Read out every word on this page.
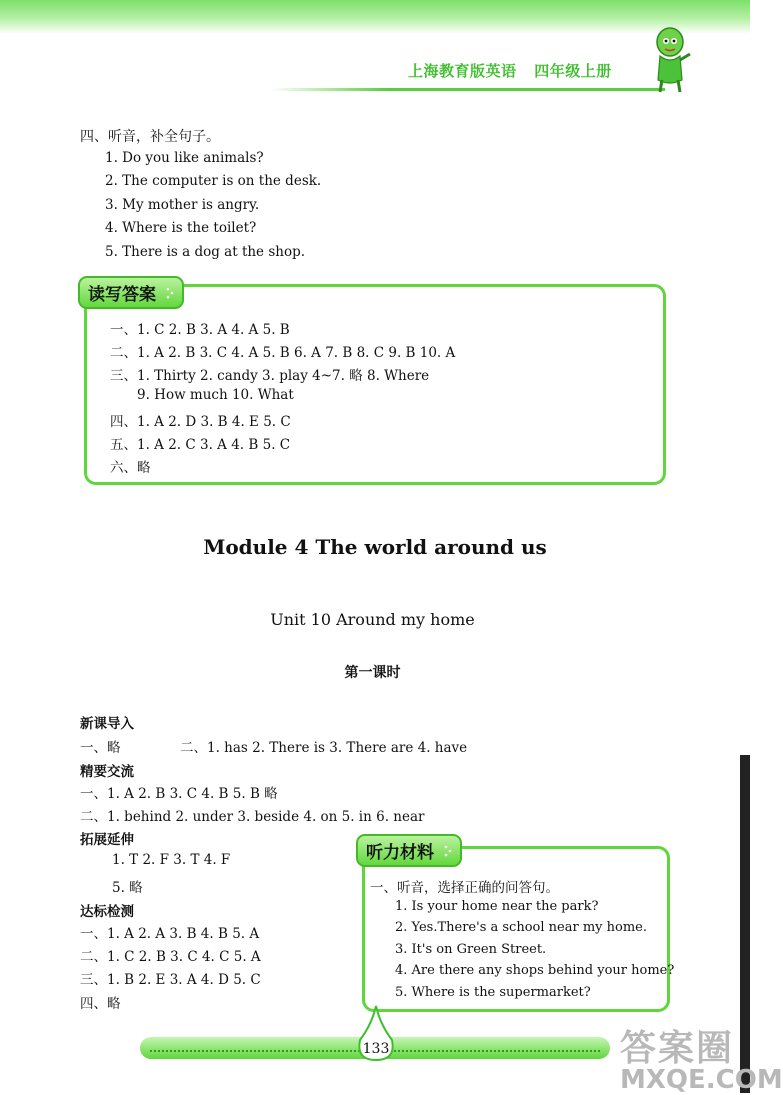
上海教育版英语 四年级上册
四、听音，补全句子。
1. Do you like animals?
2. The computer is on the desk.
3. My mother is angry.
4. Where is the toilet?
5. There is a dog at the shop.
读写答案
一、1. C 2. B 3. A 4. A 5. B
二、1. A 2. B 3. C 4. A 5. B 6. A 7. B 8. C 9. B 10. A
三、1. Thirty 2. candy 3. play 4~7. 略 8. Where
9. How much 10. What
四、1. A 2. D 3. B 4. E 5. C
五、1. A 2. C 3. A 4. B 5. C
六、略
Module 4 The world around us
Unit 10 Around my home
第一课时
新课导入
一、略	二、1. has 2. There is 3. There are 4. have
精要交流
一、1. A 2. B 3. C 4. B 5. B 略
二、1. behind 2. under 3. beside 4. on 5. in 6. near
拓展延伸
1. T 2. F 3. T 4. F
5. 略
达标检测
一、1. A 2. A 3. B 4. B 5. A
二、1. C 2. B 3. C 4. C 5. A
三、1. B 2. E 3. A 4. D 5. C
四、略
听力材料
一、听音，选择正确的问答句。
1. Is your home near the park?
2. Yes.There's a school near my home.
3. It's on Green Street.
4. Are there any shops behind your home?
5. Where is the supermarket?
133	答案圈
MXQE.COM
